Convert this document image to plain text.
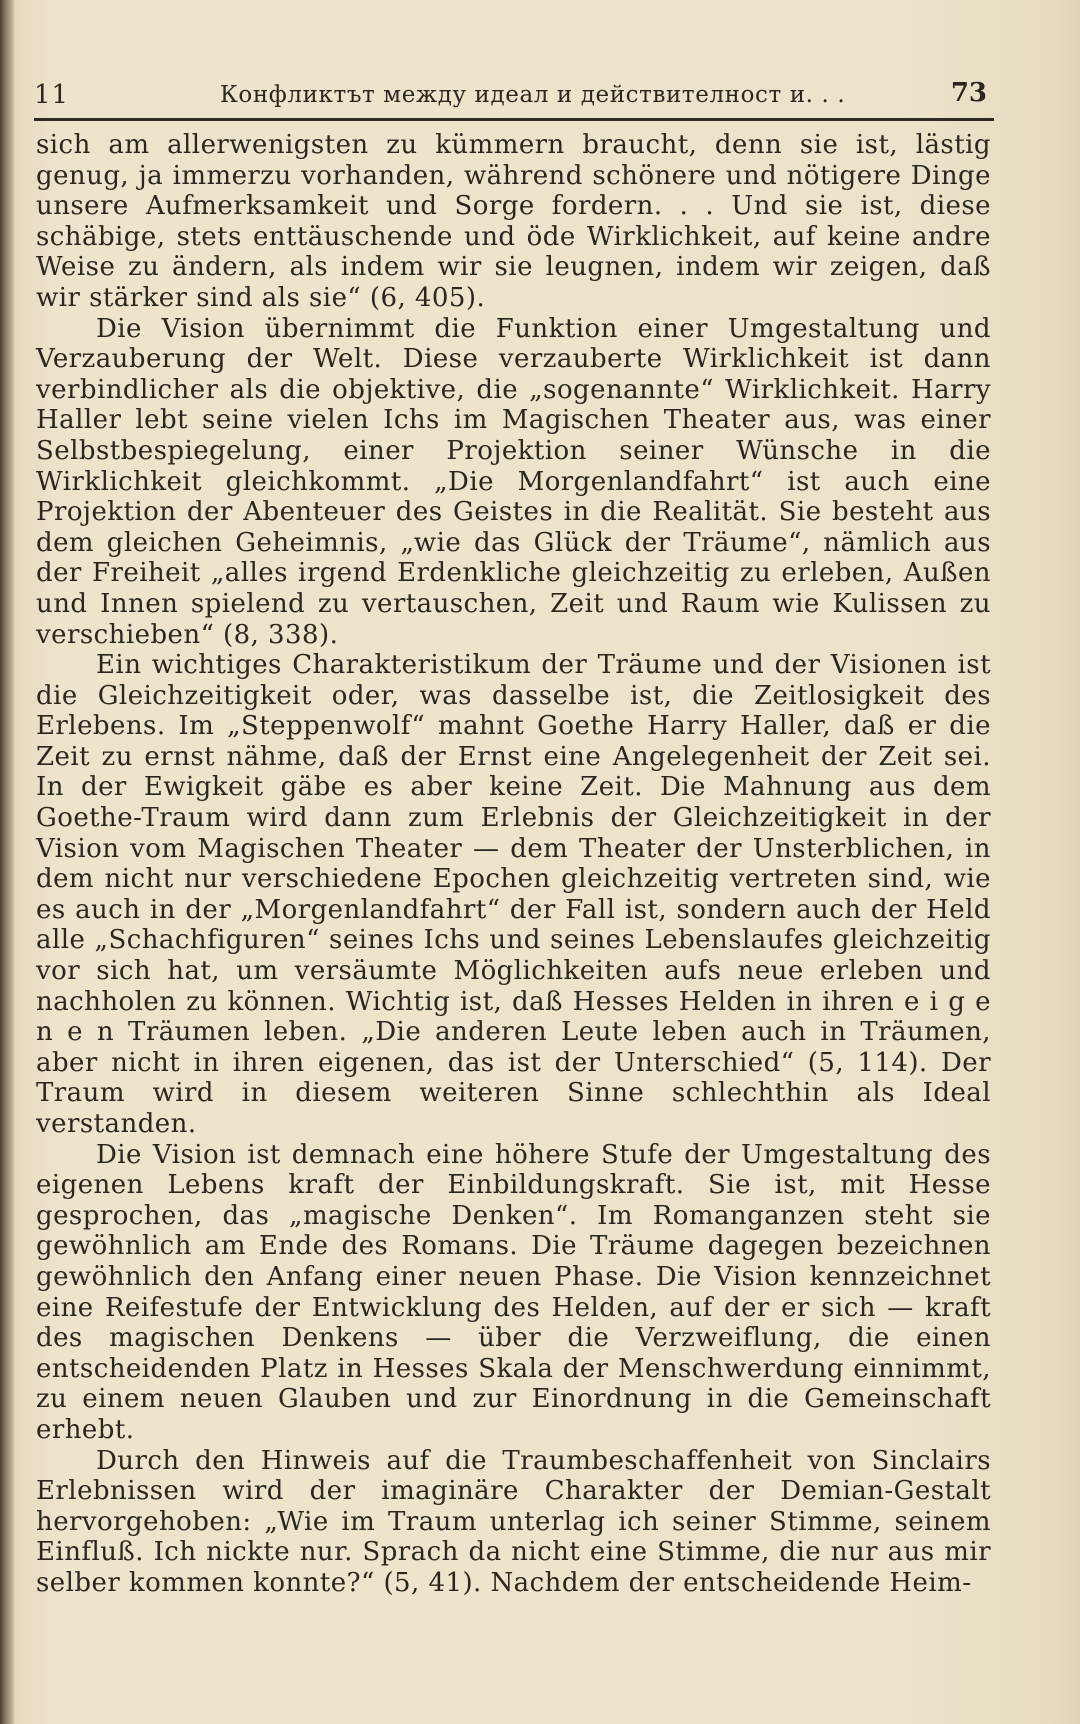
11	Конфликтът между идеал и действителност и. . .	73

sich am allerwenigsten zu kümmern braucht, denn sie ist, lästig genug, ja immerzu vorhanden, während schönere und nötigere Dinge unsere Aufmerksamkeit und Sorge fordern. . . Und sie ist, diese schäbige, stets enttäuschende und öde Wirklichkeit, auf keine andre Weise zu ändern, als indem wir sie leugnen, indem wir zeigen, daß wir stärker sind als sie“ (6, 405).

Die Vision übernimmt die Funktion einer Umgestaltung und Verzauberung der Welt. Diese verzauberte Wirklichkeit ist dann verbindlicher als die objektive, die „sogenannte“ Wirklichkeit. Harry Haller lebt seine vielen Ichs im Magischen Theater aus, was einer Selbstbespiegelung, einer Projektion seiner Wünsche in die Wirklichkeit gleichkommt. „Die Morgenlandfahrt“ ist auch eine Projektion der Abenteuer des Geistes in die Realität. Sie besteht aus dem gleichen Geheimnis, „wie das Glück der Träume“, nämlich aus der Freiheit „alles irgend Erdenkliche gleichzeitig zu erleben, Außen und Innen spielend zu vertauschen, Zeit und Raum wie Kulissen zu verschieben“ (8, 338).

Ein wichtiges Charakteristikum der Träume und der Visionen ist die Gleichzeitigkeit oder, was dasselbe ist, die Zeitlosigkeit des Erlebens. Im „Steppenwolf“ mahnt Goethe Harry Haller, daß er die Zeit zu ernst nähme, daß der Ernst eine Angelegenheit der Zeit sei. In der Ewigkeit gäbe es aber keine Zeit. Die Mahnung aus dem Goethe-Traum wird dann zum Erlebnis der Gleichzeitigkeit in der Vision vom Magischen Theater — dem Theater der Unsterblichen, in dem nicht nur verschiedene Epochen gleichzeitig vertreten sind, wie es auch in der „Morgenlandfahrt“ der Fall ist, sondern auch der Held alle „Schachfiguren“ seines Ichs und seines Lebenslaufes gleichzeitig vor sich hat, um versäumte Möglichkeiten aufs neue erleben und nachholen zu können. Wichtig ist, daß Hesses Helden in ihren e i g e n e n Träumen leben. „Die anderen Leute leben auch in Träumen, aber nicht in ihren eigenen, das ist der Unterschied“ (5, 114). Der Traum wird in diesem weiteren Sinne schlechthin als Ideal verstanden.

Die Vision ist demnach eine höhere Stufe der Umgestaltung des eigenen Lebens kraft der Einbildungskraft. Sie ist, mit Hesse gesprochen, das „magische Denken“. Im Romanganzen steht sie gewöhnlich am Ende des Romans. Die Träume dagegen bezeichnen gewöhnlich den Anfang einer neuen Phase. Die Vision kennzeichnet eine Reifestufe der Entwicklung des Helden, auf der er sich — kraft des magischen Denkens — über die Verzweiflung, die einen entscheidenden Platz in Hesses Skala der Menschwerdung einnimmt, zu einem neuen Glauben und zur Einordnung in die Gemeinschaft erhebt.

Durch den Hinweis auf die Traumbeschaffenheit von Sinclairs Erlebnissen wird der imaginäre Charakter der Demian-Gestalt hervorgehoben: „Wie im Traum unterlag ich seiner Stimme, seinem Einfluß. Ich nickte nur. Sprach da nicht eine Stimme, die nur aus mir selber kommen konnte?“ (5, 41). Nachdem der entscheidende Heim-
